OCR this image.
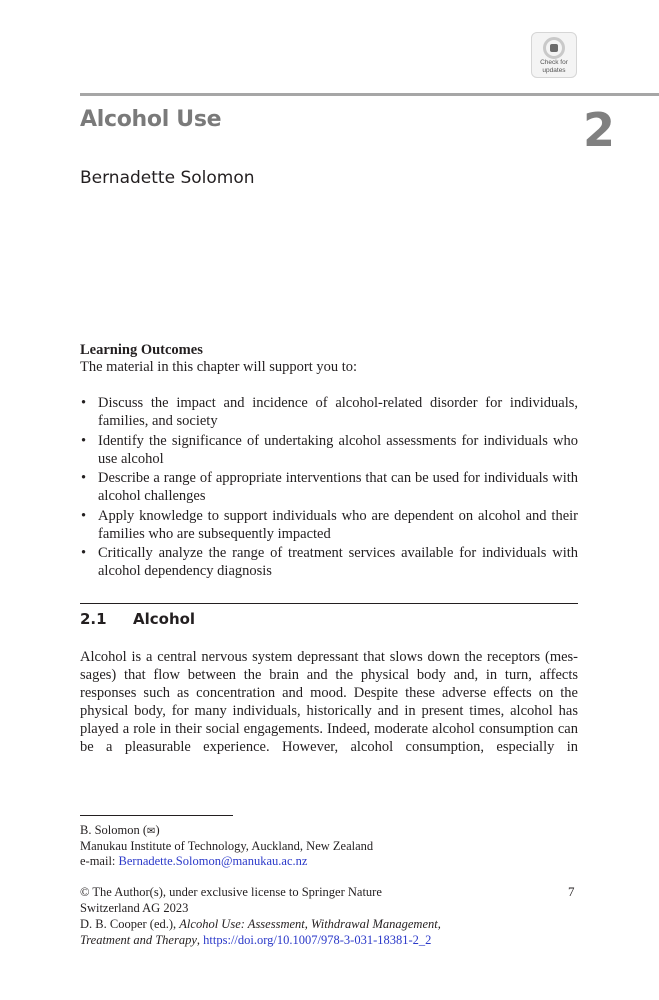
Check for
updates
Alcohol Use	2
Bernadette Solomon
Learning Outcomes
The material in this chapter will support you to:
• Discuss the impact and incidence of alcohol-related disorder for individuals, families, and society
• Identify the significance of undertaking alcohol assessments for individuals who use alcohol
• Describe a range of appropriate interventions that can be used for individuals with alcohol challenges
• Apply knowledge to support individuals who are dependent on alcohol and their families who are subsequently impacted
• Critically analyze the range of treatment services available for individuals with alcohol dependency diagnosis
2.1 Alcohol

Alcohol is a central nervous system depressant that slows down the receptors (mes-sages) that flow between the brain and the physical body and, in turn, affects responses such as concentration and mood. Despite these adverse effects on the physical body, for many individuals, historically and in present times, alcohol has played a role in their social engagements. Indeed, moderate alcohol consumption can be a pleasurable experience. However, alcohol consumption, especially in

B. Solomon (✉)
Manukau Institute of Technology, Auckland, New Zealand
e-mail: Bernadette.Solomon@manukau.ac.nz
© The Author(s), under exclusive license to Springer Nature
Switzerland AG 2023
D. B. Cooper (ed.), Alcohol Use: Assessment, Withdrawal Management,
Treatment and Therapy, https://doi.org/10.1007/978-3-031-18381-2_2
7
